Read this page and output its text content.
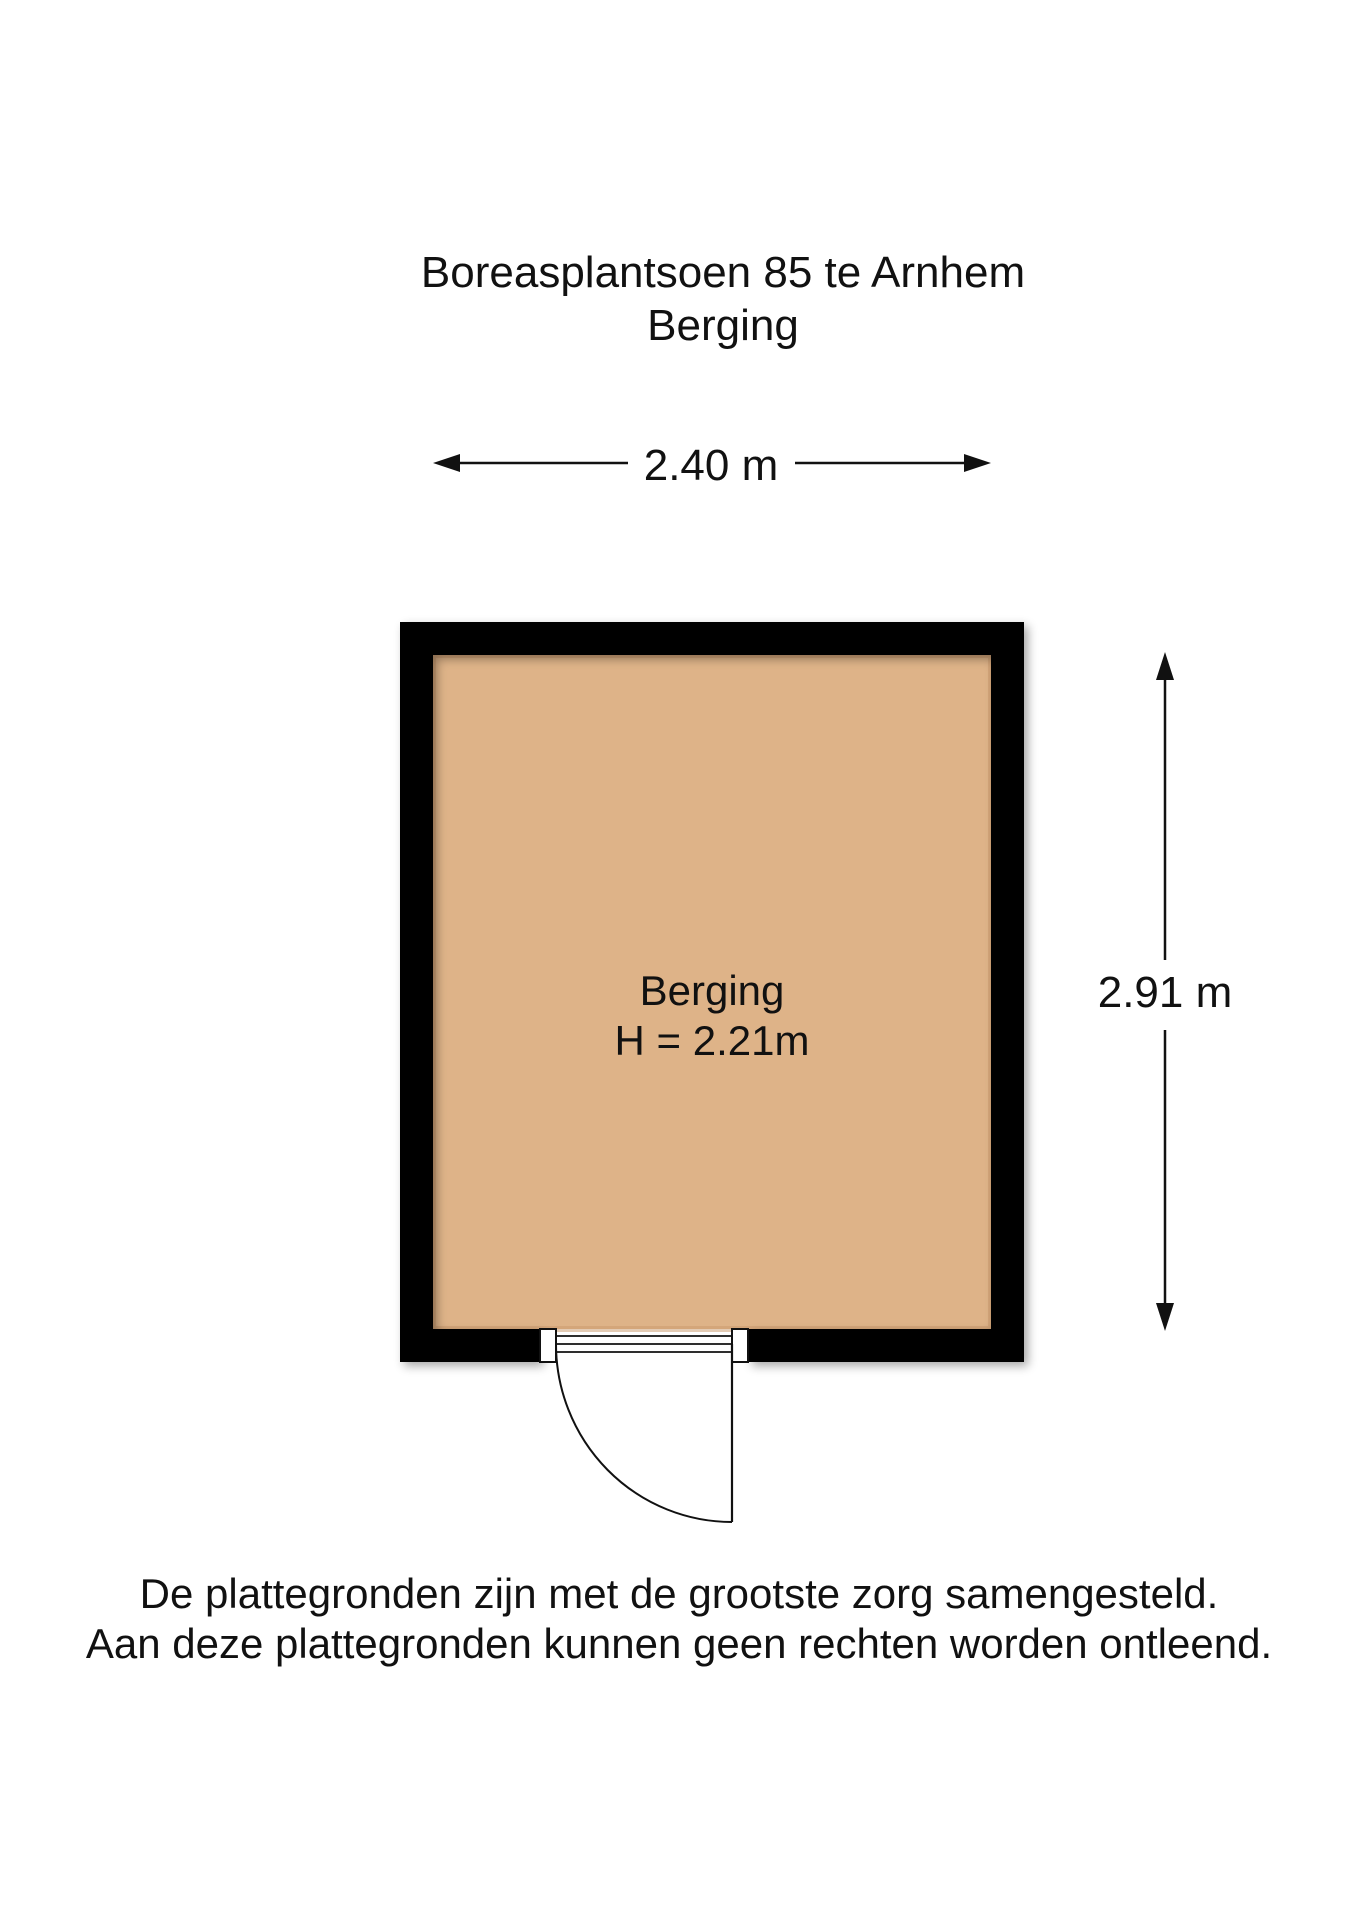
Boreasplantsoen 85 te Arnhem
Berging
2.40 m
2.91 m
Berging
H = 2.21m
De plattegronden zijn met de grootste zorg samengesteld.
Aan deze plattegronden kunnen geen rechten worden ontleend.
